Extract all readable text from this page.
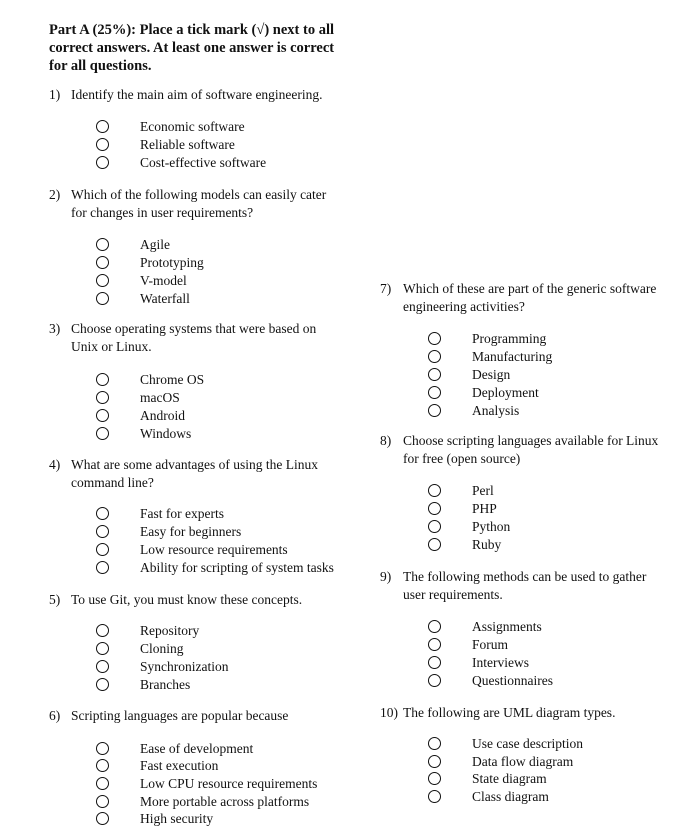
Part A (25%): Place a tick mark (√) next to all correct answers. At least one answer is correct for all questions.
1) Identify the main aim of software engineering.
Economic software
Reliable software
Cost-effective software
2) Which of the following models can easily cater for changes in user requirements?
Agile
Prototyping
V-model
Waterfall
3) Choose operating systems that were based on Unix or Linux.
Chrome OS
macOS
Android
Windows
4) What are some advantages of using the Linux command line?
Fast for experts
Easy for beginners
Low resource requirements
Ability for scripting of system tasks
5) To use Git, you must know these concepts.
Repository
Cloning
Synchronization
Branches
6) Scripting languages are popular because
Ease of development
Fast execution
Low CPU resource requirements
More portable across platforms
High security
7) Which of these are part of the generic software engineering activities?
Programming
Manufacturing
Design
Deployment
Analysis
8) Choose scripting languages available for Linux for free (open source)
Perl
PHP
Python
Ruby
9) The following methods can be used to gather user requirements.
Assignments
Forum
Interviews
Questionnaires
10) The following are UML diagram types.
Use case description
Data flow diagram
State diagram
Class diagram
